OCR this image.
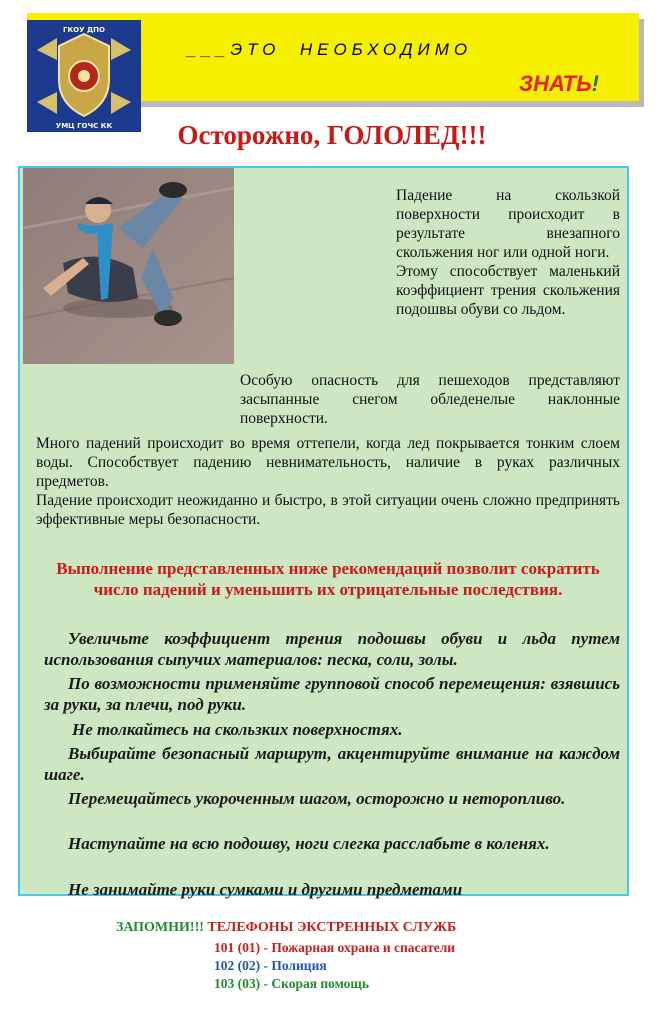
___ЭТО  НЕОБХОДИМО
ЗНАТЬ!
ГКОУ ДПО
УМЦ ГОЧС КК	Осторожно, ГОЛОЛЕД!!!
Падение на скользкой поверхности происходит в результате внезапного скольжения ног или одной ноги.
Этому способствует маленький коэффициент трения скольжения подошвы обуви со льдом.
Особую опасность для пешеходов представляют засыпанные снегом обледенелые наклонные поверхности.
Много падений происходит во время оттепели, когда лед покрывается тонким слоем воды. Способствует падению невнимательность, наличие в руках различных предметов.
Падение происходит неожиданно и быстро, в этой ситуации очень сложно предпринять эффективные меры безопасности.
Выполнение представленных ниже рекомендаций позволит сократить число падений и уменьшить их отрицательные последствия.
Увеличьте коэффициент трения подошвы обуви и льда путем использования сыпучих материалов: песка, соли, золы.
По возможности применяйте групповой способ перемещения: взявшись за руки, за плечи, под руки.
Не толкайтесь на скользких поверхностях.
Выбирайте безопасный маршрут, акцентируйте внимание на каждом шаге.
Перемещайтесь укороченным шагом, осторожно и неторопливо.
Наступайте на всю подошву, ноги слегка расслабьте в коленях.
Не занимайте руки сумками и другими предметами
ЗАПОМНИ!!! ТЕЛЕФОНЫ ЭКСТРЕННЫХ СЛУЖБ
101 (01) - Пожарная охрана и спасатели
102 (02) - Полиция
103 (03) - Скорая помощь
